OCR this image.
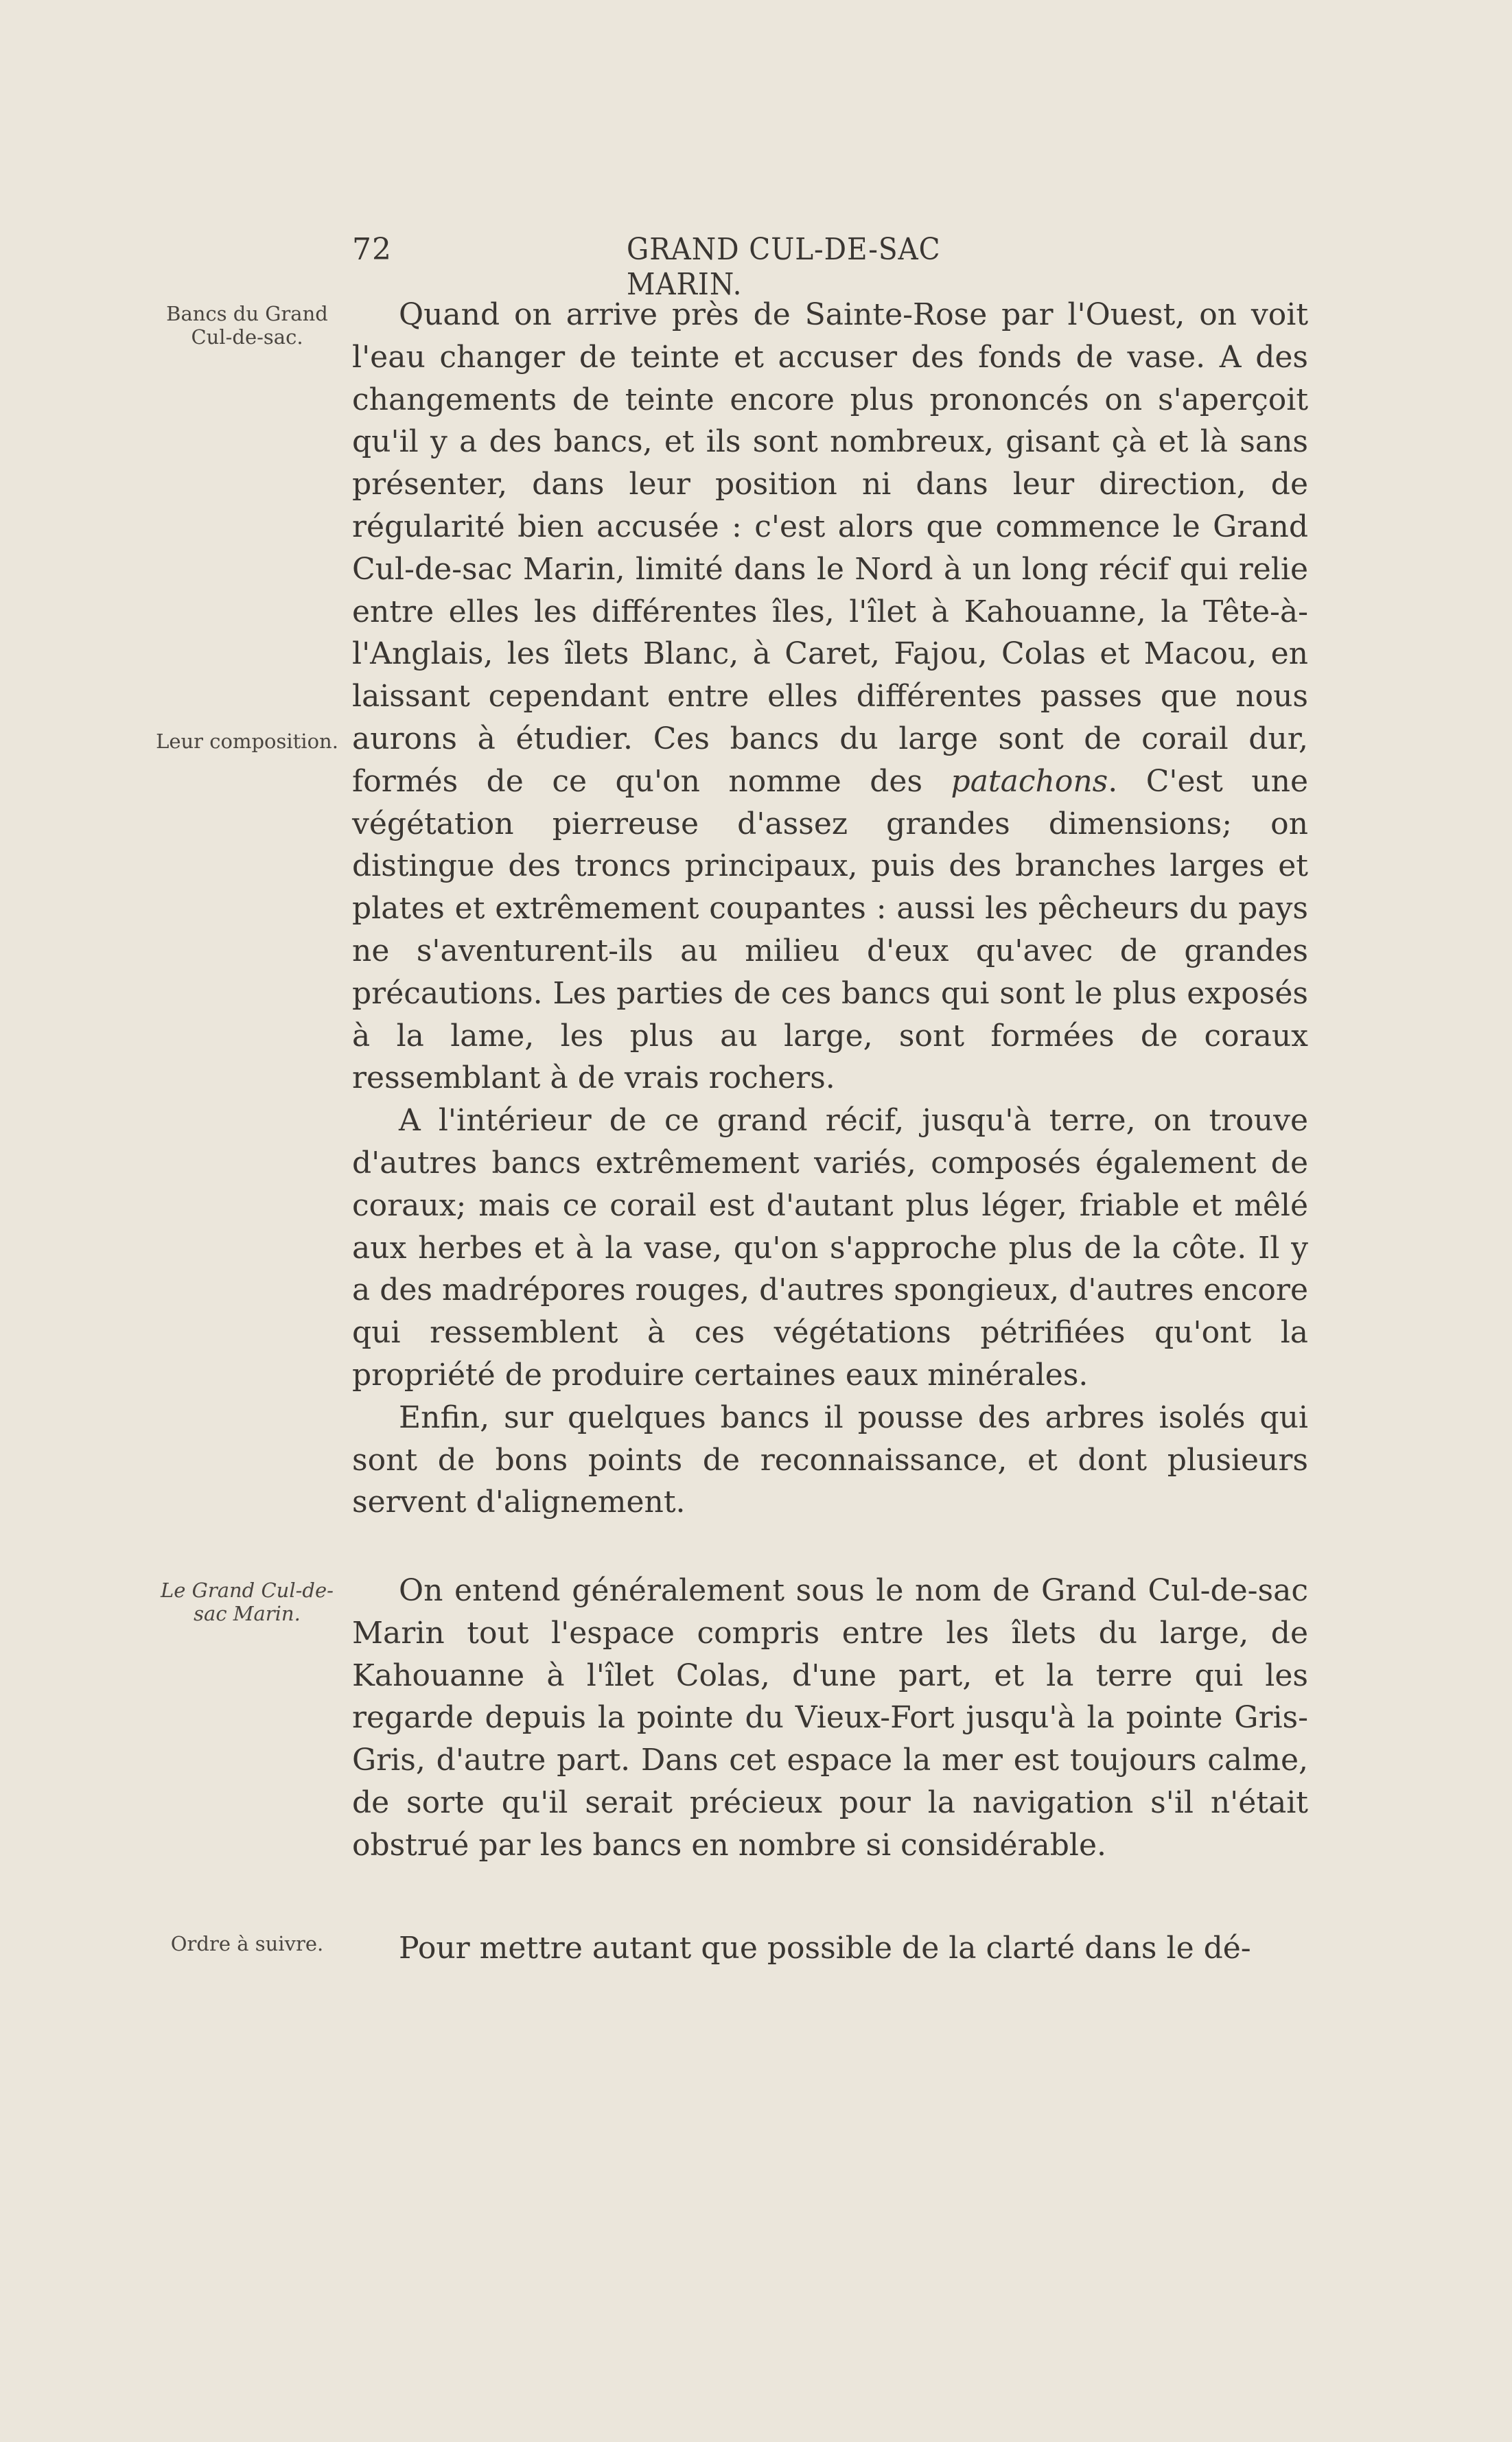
72	GRAND CUL-DE-SAC MARIN.
Bancs du Grand Cul-de-sac.
Leur composition.
Le Grand Cul-de-sac Marin.
Ordre à suivre.

Quand on arrive près de Sainte-Rose par l'Ouest, on voit l'eau changer de teinte et accuser des fonds de vase. A des changements de teinte encore plus prononcés on s'aperçoit qu'il y a des bancs, et ils sont nombreux, gisant çà et là sans présenter, dans leur position ni dans leur direction, de régularité bien accusée : c'est alors que commence le Grand Cul-de-sac Marin, limité dans le Nord à un long récif qui relie entre elles les différentes îles, l'îlet à Kahouanne, la Tête-à-l'Anglais, les îlets Blanc, à Caret, Fajou, Colas et Macou, en laissant cependant entre elles différentes passes que nous aurons à étudier. Ces bancs du large sont de corail dur, formés de ce qu'on nomme des patachons. C'est une végétation pierreuse d'assez grandes dimensions; on distingue des troncs principaux, puis des branches larges et plates et extrêmement coupantes : aussi les pêcheurs du pays ne s'aventurent-ils au milieu d'eux qu'avec de grandes précautions. Les parties de ces bancs qui sont le plus exposés à la lame, les plus au large, sont formées de coraux ressemblant à de vrais rochers.

A l'intérieur de ce grand récif, jusqu'à terre, on trouve d'autres bancs extrêmement variés, composés également de coraux; mais ce corail est d'autant plus léger, friable et mêlé aux herbes et à la vase, qu'on s'approche plus de la côte. Il y a des madrépores rouges, d'autres spongieux, d'autres encore qui ressemblent à ces végétations pétrifiées qu'ont la propriété de produire certaines eaux minérales.

Enfin, sur quelques bancs il pousse des arbres isolés qui sont de bons points de reconnaissance, et dont plusieurs servent d'alignement.

On entend généralement sous le nom de Grand Cul-de-sac Marin tout l'espace compris entre les îlets du large, de Kahouanne à l'îlet Colas, d'une part, et la terre qui les regarde depuis la pointe du Vieux-Fort jusqu'à la pointe Gris-Gris, d'autre part. Dans cet espace la mer est toujours calme, de sorte qu'il serait précieux pour la navigation s'il n'était obstrué par les bancs en nombre si considérable.

Pour mettre autant que possible de la clarté dans le dé-
